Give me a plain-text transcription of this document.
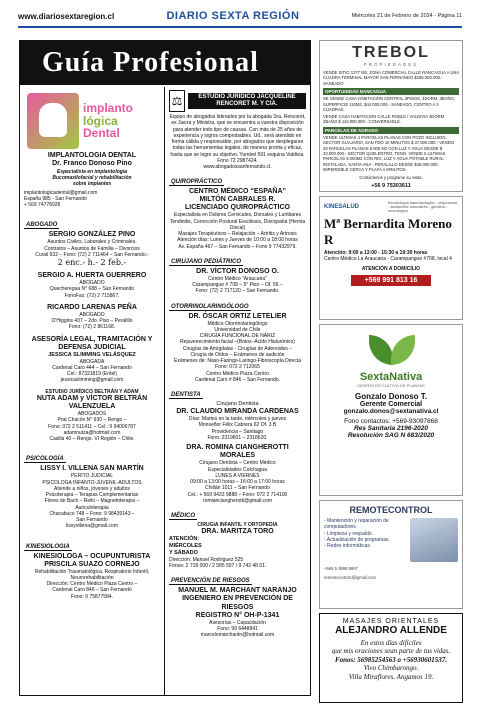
www.diariosextaregion.cl	DIARIO SEXTA REGIÓN	Miércoles 21 de Febrero de 2024 - Página 11
Guía Profesional
implanto
lógica
Dental
IMPLANTOLOGIA DENTAL
Dr. Franco Donoso Pino
Especialista en implantología
Bucomaxilofacial y rehabilitación
sobre implantes
implantologicadental@gmail.com
España 985 - San Fernando
+ 569 74778928
ABOGADO
SERGIO GONZÁLEZ PINO
Asuntos Civiles, Laborales y Criminales.
Contratos – Asuntos de Familia – Divorcios
Curali 532 – Fono: (72) 2 711464 – San Fernando.-
2 enc.- h.- 2 feb.-
SERGIO A. HUERTA GUERRERO
ABOGADO
Quecheregua N° 688 – San Fernando
FonoFax: (72) 2 715867.
RICARDO LARENAS PEÑA
ABOGADO
O'Higgins 437 – 2do. Piso – Peralillo
Fono: (72) 2 861168.
ASESORÍA LEGAL, TRAMITACIÓN Y DEFENSA JUDICIAL
JESSICA SLIMMING VELÁSQUEZ
ABOGADA
Cardenal Caro 444 – San Fernando
Cel.: 87321819 (Entel)
jessicaslimming@gmail.com
ESTUDIO JURÍDICO BELTRÁN Y ADAM
NUTA ADAM y VÍCTOR BELTRÁN VALENZUELA
ABOGADOS
Prat Chacón N° 930 – Rengo –
Fono: 072 2 511411 – Cel.: 9 94006787
adamnutza@hotmail.com
Casilla 40 – Rengo. VI Región – Chile.
PSICOLOGÍA
LISSY I. VILLENA SAN MARTÍN
PERITO JUDICIAL
PSICOLOGA INFANTO-JUVENIL-ADULTOS
Atiende a niños, jóvenes y adultos
Psicoterapia – Terapias Complementarias
Flores de Bach – Reiki – Magnetoterapia –
Auriculoterapia
Chacabuco 748 – Fono: 9 98439143 –
San Fernando
lissyvillena@gmail.com
KINESIOLOGIA
KINESIOLOGA – OCUPUNTURISTA
PRISCILA SUAZO CORNEJO
Rehabilitación Traumatológica, Respiratorio Infantil,
Neurorehabilitación
Dirección: Centro Médico Plaza Centro –
Cardenal Caro 846 – San Fernando
Fono: 9 75877584.
⚖	ESTUDIO JURIDICO JACQUELINE RENCORET M. Y CIA.
Equipo de abogados liderados por la abogada Sra. Rencoret, ex Jueza y Ministra, que se encuentra a vuestra disposición para atender todo tipo de causas. Con más de 25 años de experiencia y logros comprobables. Ud., será atendido en forma cálida y responsable, por abogados que desplegaran todas las herramientas legales, de manera pronta y eficaz, hasta que se logre su objetivo. Yumbel 591 esquina Valdivia. Fono 72 2987424.
www.abogadossanfernando.cl.
QUIROPRÁCTICO
CENTRO MÉDICO “ESPAÑA”
MILTÓN CABRALES R.
LICENCIADO QUIROPRÁCTICO
Especialista en Dolores Cervicales, Dorsales y Lumbares
Tendinitis, Corrección Postural Escoliosis, Discopatía (Hernia Discal)
Masajes Terapéuticos – Relajación – Artritis y Artrosis
Atención días: Lunes y Jueves de 10:00 a 18:00 horas
Av. España 467 – San Fernando – Fono 9 77432979.
CIRUJANO PEDIÁTRICO
DR. VÍCTOR DONOSO O.
Centro Médico “Araucaria”
Carampangue # 708 – 5° Piso – Of. 56 –
Fono: (72) 2 717120 – San Fernando.
OTORRINOLARINGÓLOGO
DR. ÓSCAR ORTIZ LETELIER
Médico Otorrinolaringólogo
Universidad de Chile
CIRUGÍA FUNCIONAL DE NARIZ
Rejuvenecimiento facial –(Botox–Ácido Hialurónico)
Cirugías de Amígdalas - Cirugías de Adenoides –
Cirugía de Oídos – Exámenes de audición
Exámenes de: Naso-Faringo-Laringo-Fibroscopía Directa
Fono: 072 2 712065
Centro Médico Plaza Centro
Cardenal Caro # 846 – San Fernando.
DENTISTA
Cirujano Dentista
DR. CLAUDIO MIRANDA CARDENAS
Días: Martes en la tarde, miércoles y jueves
Monseñor Félix Cabrera 62 Of. 3 B
Providencia – Santiago
Fono: 2319601 – 2318620.
DRA. ROMINA CIANGHEROTTI MORALES
Cirujano Dentista – Centro Médico
Especialidades Colchagua
LUNES A VIERNES
09:00 a 13:00 horas – 16:00 a 17:00 horas
Chillán 1011 – San Fernando
Cel.: + 569 9433 9888 – Fono: 072 2 714100
romianciangherotti@gmail.com
MÉDICO
CIRUGIA INFANTIL Y ORTOPEDIA
DRA. MARITZA TORO
ATENCIÓN:
MIÉRCOLES
Y SÁBADO
Dirección: Manuel Rodríguez 525
Fonos: 2 718 000 / 2 585 597 / 9 742 48 01.
PREVENCIÓN DE RIESGOS
MANUEL M. MARCHANT NARANJO
INGENIERO EN PREVENCIÓN DE RIESGOS
REGISTRO N° OH-P-1341
Asesorías – Capacitación
Fono: 99 6448841
marcelomarchantn@hotmail.com
TREBOL
PROPIEDADES
VENDE SITIO 1377 M2, ZONA COMERCIAL CALLE RANCAGUA A UNA CUADRA TERMINAL MAYOR SAN FERNANDO $185.000.000.- SANEADO.
OPORTUNIDAD NANCAGUA
SE VENDE CASA HABITACION CENTRAL 3PISOS, 4DORM, 3BAÑO, SUPERFICIE 110M2, $44.000.000.- SANEADO, CENTRO A 2 CUADRAS.
VENDE CASA HABITACION CALLE ROBLE / VALDIVIA 4DORM 2BAÑO $ 110.000.000.- CONVERSABLE.
PARCELAS DE AGRADO
VENDE ULTIMAS 4 PARCELAS PLANAS CON POZO INCLUIDO, SECTOR GUAJARDI, SAN FDO 10 MINUTOS $ 37.500.000.- VENDO 29 PARCELAS PLANAS 5.000 M2 CON LUZ Y AGUA DESDE $ 33.000.000.- SECTOR QUELENTRO, TENO. VENDE 5 ULTIMAS PARCELAS 5.000M2 CON RIO, LUZ Y AGUA POTABLE RURAL INSTALADA, SANTA ANA - PERALILLO DESDE $36.000.000. IMPERDIBLE CERCA Y PLAYA A MINUTOS.
Contáctenos y programe su visita.
+56 9 75303611
KINESALUD
Kinesiología traumatológica - respiratoria - accidentes vasculares - geriatría - neurológica
Mª Bernardita Moreno R
Atención: 9:00 a 13:00 - 15:30 a 19:30 horas
Centro Médico La Araucaria - Carampangue #708, local 4
ATENCIÓN A DOMICILIO
+569 991 813 16
SextaNativa
CENTRO DE CULTIVO DE PLANTAS
Gonzalo Donoso T.
Gerente Comercial
gonzalo.donos@sextanativa.cl
Fono contactos: +569-93097868
Res Sanitaria 2196-2020
Resolución SAG N 683/2020
REMOTECONTROL
- Mantención y reparación de computadores.
- Limpieza y respaldo.
- Actualización de programas.
- Redes informáticas
+569 5 3898.8997
remotecontrolcl@gmail.com
MASAJES ORIENTALES
ALEJANDRO ALLENDE
En estos días difíciles
que mis oraciones sean parte de tus vidas.
Fonos: 56985254563 o +56930601537.
Vivo Chimbarongo.
Villa Miraflores. Angamos 19.
